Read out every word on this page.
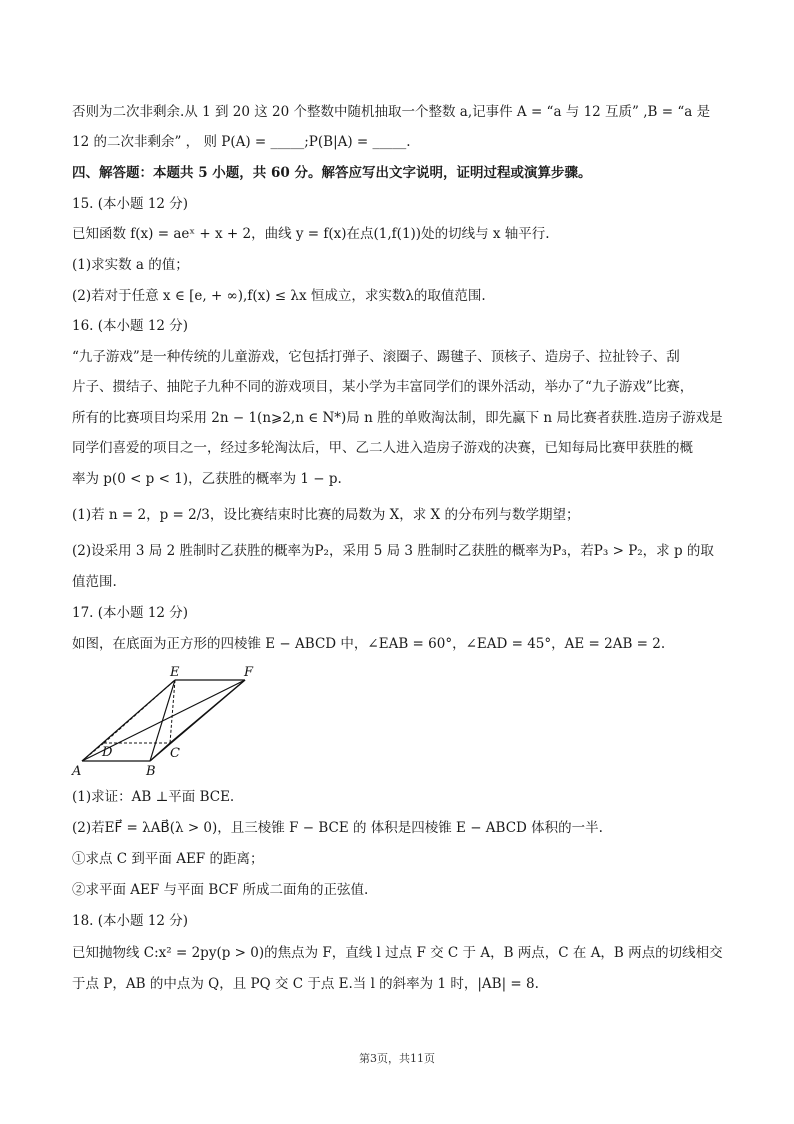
否则为二次非剩余.从 1 到 20 这 20 个整数中随机抽取一个整数 a,记事件 A = “a 与 12 互质” ,B = “a 是
12 的二次非剩余” ， 则 P(A) = _____;P(B|A) = _____.
四、解答题：本题共 5 小题，共 60 分。解答应写出文字说明，证明过程或演算步骤。
15. (本小题 12 分)
已知函数 f(x) = aeˣ + x + 2，曲线 y = f(x)在点(1,f(1))处的切线与 x 轴平行.
(1)求实数 a 的值；
(2)若对于任意 x ∈ [e, + ∞),f(x) ≤ λx 恒成立，求实数λ的取值范围.
16. (本小题 12 分)
“九子游戏”是一种传统的儿童游戏，它包括打弹子、滚圈子、踢毽子、顶核子、造房子、拉扯铃子、刮
片子、掼结子、抽陀子九种不同的游戏项目，某小学为丰富同学们的课外活动，举办了“九子游戏”比赛，
所有的比赛项目均采用 2n − 1(n⩾2,n ∈ N*)局 n 胜的单败淘汰制，即先赢下 n 局比赛者获胜.造房子游戏是
同学们喜爱的项目之一，经过多轮淘汰后，甲、乙二人进入造房子游戏的决赛，已知每局比赛甲获胜的概
率为 p(0 < p < 1)，乙获胜的概率为 1 − p.
(1)若 n = 2，p = 2/3，设比赛结束时比赛的局数为 X，求 X 的分布列与数学期望；
(2)设采用 3 局 2 胜制时乙获胜的概率为P₂，采用 5 局 3 胜制时乙获胜的概率为P₃，若P₃ > P₂，求 p 的取
值范围.
17. (本小题 12 分)
如图，在底面为正方形的四棱锥 E − ABCD 中，∠EAB = 60°，∠EAD = 45°，AE = 2AB = 2.
(1)求证：AB ⊥平面 BCE.
(2)若EF⃗ = λAB⃗(λ > 0)，且三棱锥 F − BCE 的 体积是四棱锥 E − ABCD 体积的一半.
①求点 C 到平面 AEF 的距离；
②求平面 AEF 与平面 BCF 所成二面角的正弦值.
18. (本小题 12 分)
已知抛物线 C:x² = 2py(p > 0)的焦点为 F，直线 l 过点 F 交 C 于 A，B 两点，C 在 A，B 两点的切线相交
于点 P，AB 的中点为 Q，且 PQ 交 C 于点 E.当 l 的斜率为 1 时，|AB| = 8.
E	F
D	C
A	B
第3页，共11页
